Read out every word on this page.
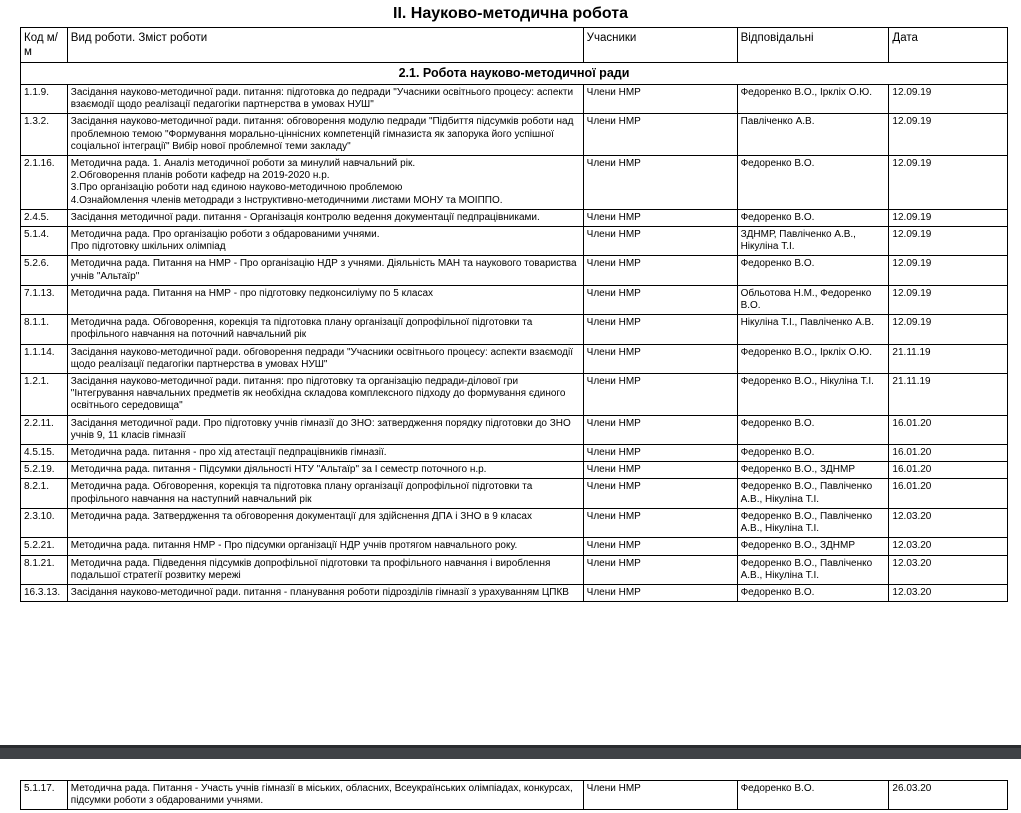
II. Науково-методична робота
Код м/м	Вид роботи. Зміст роботи	Учасники	Відповідальні	Дата
2.1. Робота науково-методичної ради				
1.1.9.	Засідання науково-методичної ради. питання: підготовка до педради "Учасники освітнього процесу: аспекти взаємодії щодо реалізації педагогіки партнерства в умовах НУШ"	Члени НМР	Федоренко В.О., Іркліх О.Ю.	12.09.19
1.3.2.	Засідання науково-методичної ради. питання: обговорення модулю педради "Підбиття підсумків роботи над проблемною темою "Формування морально-ціннісних компетенцій гімназиста як запорука його успішної соціальної інтеграції" Вибір нової проблемної теми закладу"	Члени НМР	Павліченко А.В.	12.09.19
2.1.16.	Методична рада. 1. Аналіз методичної роботи за минулий навчальний рік.
2.Обговорення планів роботи кафедр на 2019-2020 н.р.
3.Про організацію роботи над єдиною науково-методичною проблемою
4.Ознайомлення членів методради з Інструктивно-методичними листами МОНУ та МОІППО.	Члени НМР	Федоренко В.О.	12.09.19
2.4.5.	Засідання методичної ради. питання - Організація контролю ведення документації педпрацівниками.	Члени НМР	Федоренко В.О.	12.09.19
5.1.4.	Методична рада. Про організацію роботи з обдарованими учнями.
Про підготовку шкільних олімпіад	Члени НМР	ЗДНМР, Павліченко А.В., Нікуліна Т.І.	12.09.19
5.2.6.	Методична рада. Питання на НМР - Про організацію НДР з учнями. Діяльність МАН та наукового товариства учнів "Альтаїр"	Члени НМР	Федоренко В.О.	12.09.19
7.1.13.	Методична рада. Питання на НМР - про підготовку педконсиліуму по 5 класах	Члени НМР	Обльотова Н.М., Федоренко В.О.	12.09.19
8.1.1.	Методична рада. Обговорення, корекція та підготовка плану організації допрофільної підготовки та профільного навчання на поточний навчальний рік	Члени НМР	Нікуліна Т.І., Павліченко А.В.	12.09.19
1.1.14.	Засідання науково-методичної ради. обговорення педради "Учасники освітнього процесу: аспекти взаємодії щодо реалізації педагогіки партнерства в умовах НУШ"	Члени НМР	Федоренко В.О., Іркліх О.Ю.	21.11.19
1.2.1.	Засідання науково-методичної ради. питання: про підготовку та організацію педради-ділової гри "Інтегрування навчальних предметів як необхідна складова комплексного підходу до формування єдиного освітнього середовища"	Члени НМР	Федоренко В.О., Нікуліна Т.І.	21.11.19
2.2.11.	Засідання методичної ради. Про підготовку учнів гімназії до ЗНО: затвердження порядку підготовки до ЗНО учнів 9, 11 класів гімназії	Члени НМР	Федоренко В.О.	16.01.20
4.5.15.	Методична рада. питання - про хід атестації педпрацівників гімназії.	Члени НМР	Федоренко В.О.	16.01.20
5.2.19.	Методична рада. питання - Підсумки діяльності НТУ "Альтаїр" за І семестр поточного н.р.	Члени НМР	Федоренко В.О., ЗДНМР	16.01.20
8.2.1.	Методична рада. Обговорення, корекція та підготовка плану організації допрофільної підготовки та профільного навчання на наступний навчальний рік	Члени НМР	Федоренко В.О., Павліченко А.В., Нікуліна Т.І.	16.01.20
2.3.10.	Методична рада. Затвердження та обговорення документації для здійснення ДПА і ЗНО в 9 класах	Члени НМР	Федоренко В.О., Павліченко А.В., Нікуліна Т.І.	12.03.20
5.2.21.	Методична рада. питання НМР - Про підсумки організації НДР учнів протягом навчального року.	Члени НМР	Федоренко В.О., ЗДНМР	12.03.20
8.1.21.	Методична рада. Підведення підсумків допрофільної підготовки та профільного навчання і вироблення подальшої стратегії розвитку мережі	Члени НМР	Федоренко В.О., Павліченко А.В., Нікуліна Т.І.	12.03.20
16.3.13.	Засідання науково-методичної ради. питання - планування роботи підрозділів гімназії з урахуванням ЦПКВ	Члени НМР	Федоренко В.О.	12.03.20
5.1.17.	Методична рада. Питання - Участь учнів гімназії в міських, обласних, Всеукраїнських олімпіадах, конкурсах, підсумки роботи з обдарованими учнями.	Члени НМР	Федоренко В.О.	26.03.20
